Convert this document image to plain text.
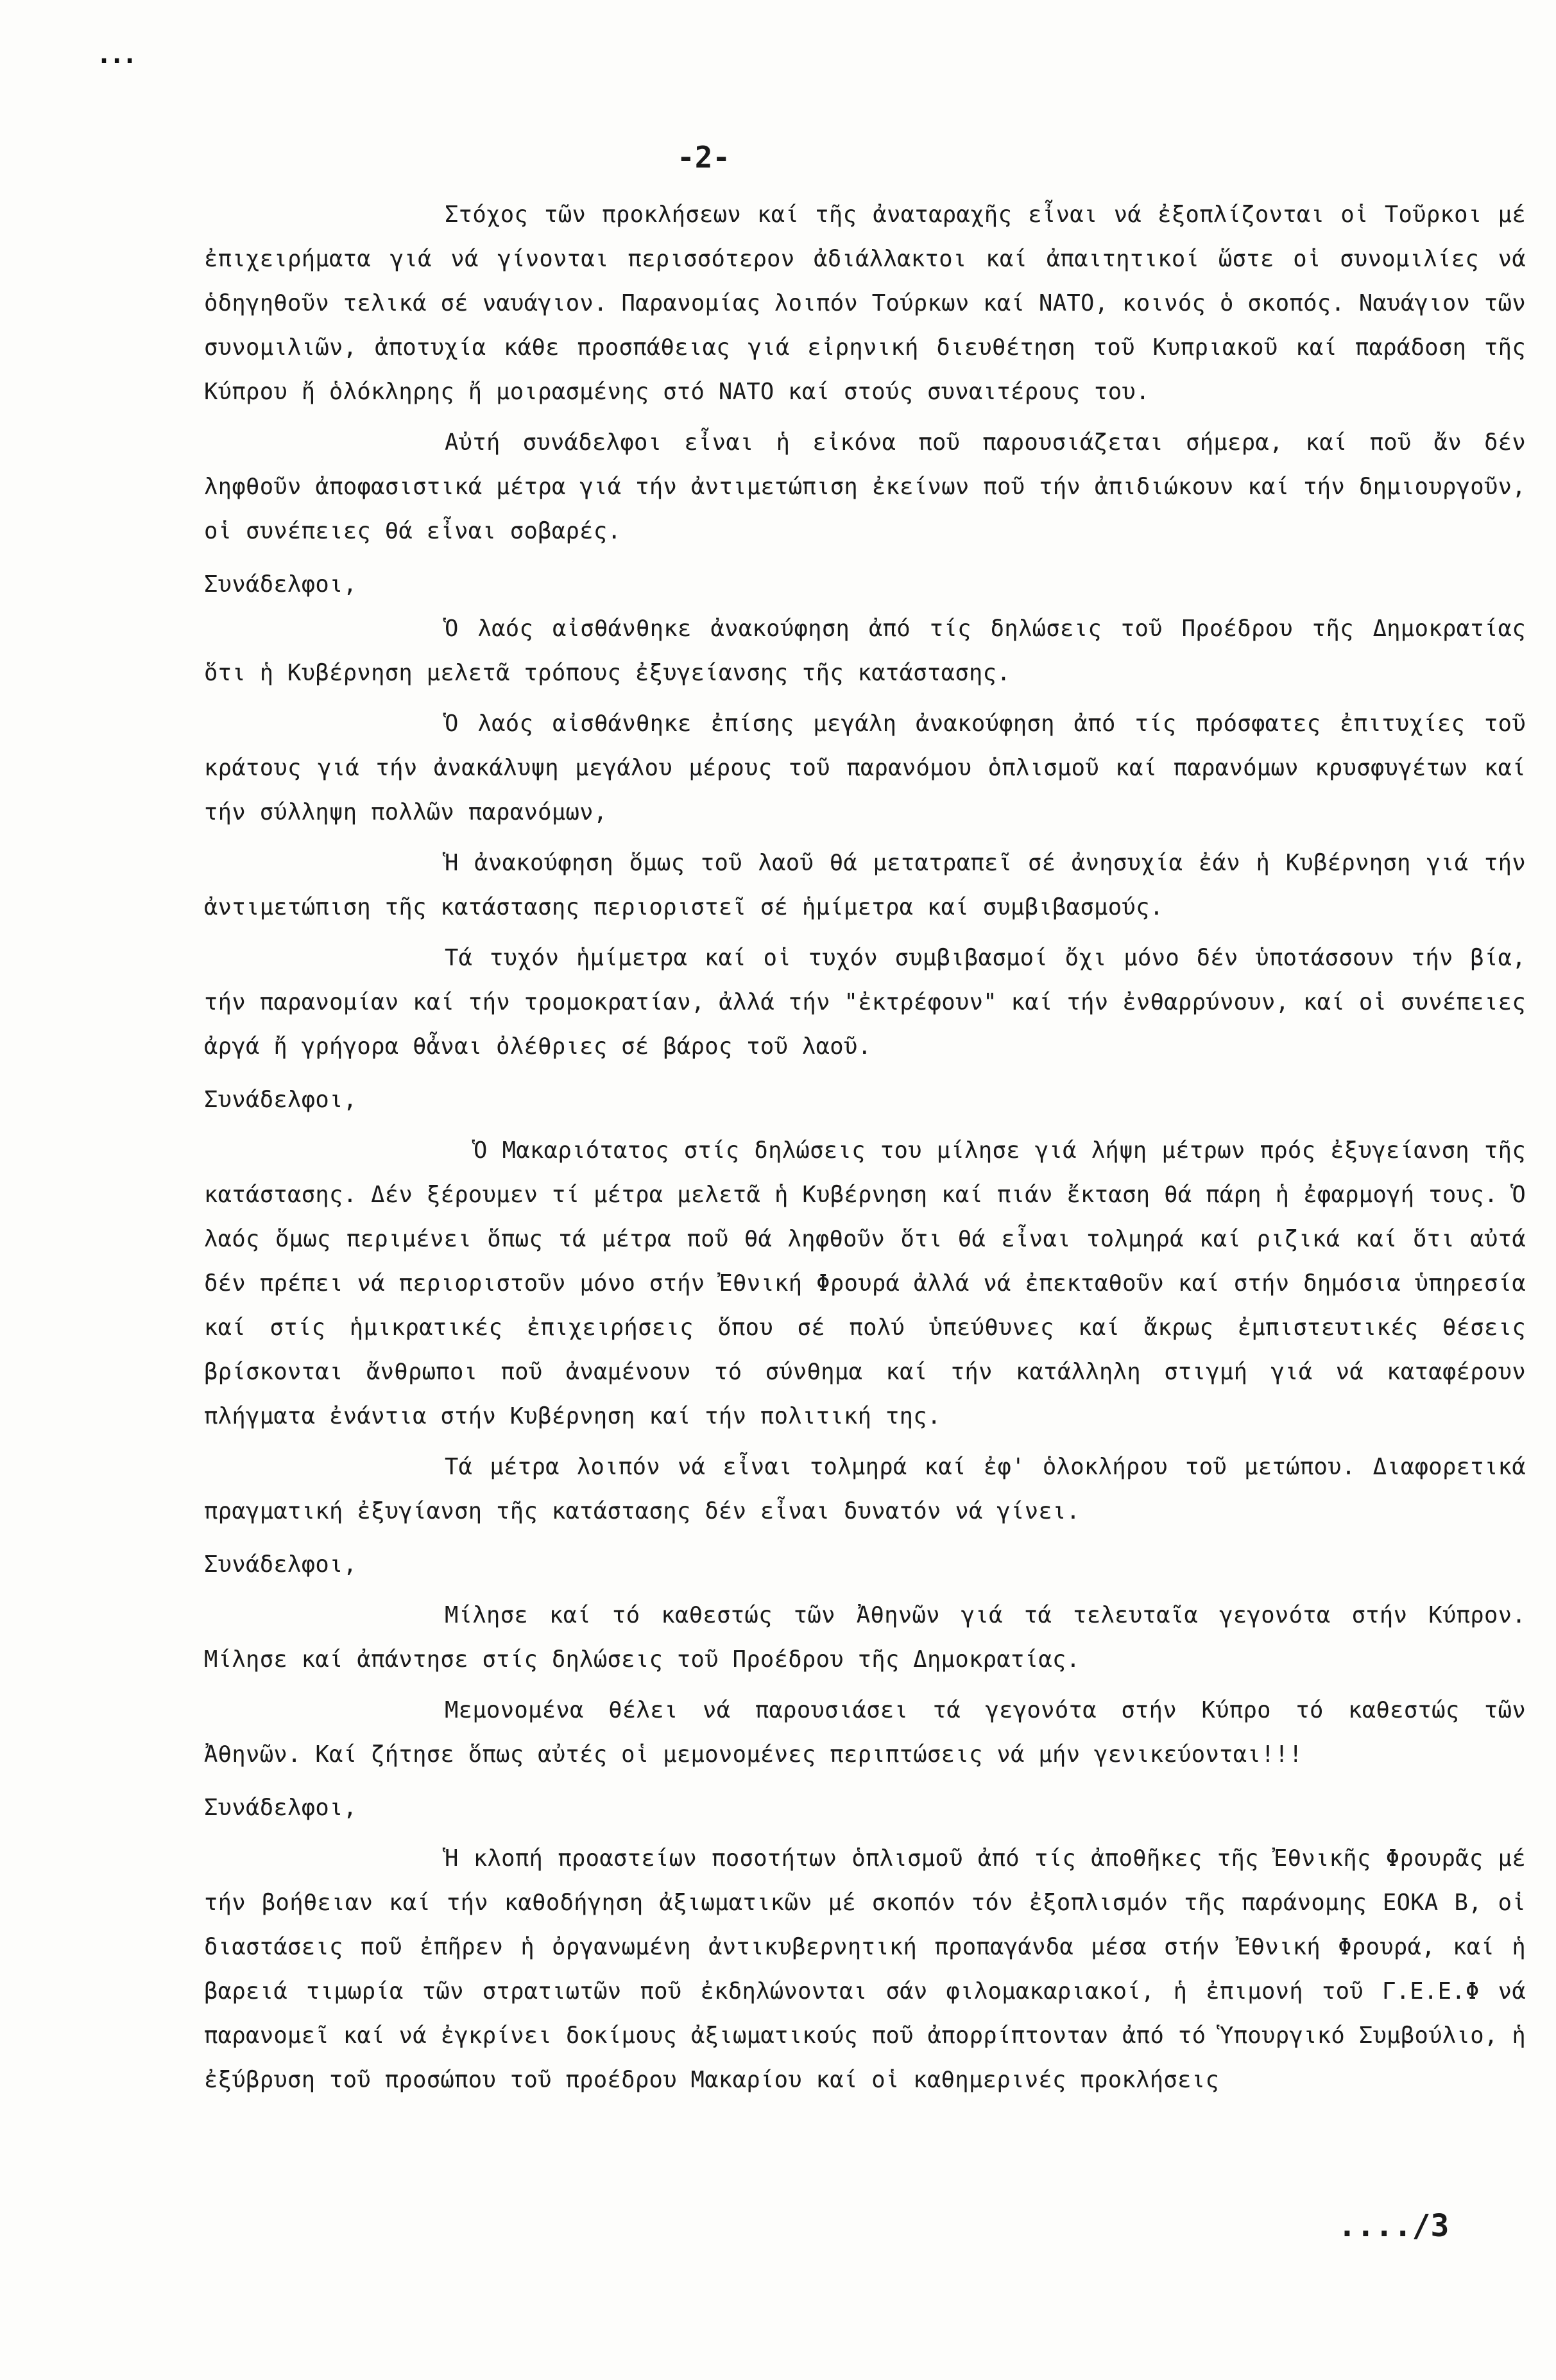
...
-2-

Στόχος τῶν προκλήσεων καί τῆς ἀναταραχῆς εἶναι νά ἐξοπλίζονται οἱ Τοῦρκοι μέ ἐπιχειρήματα γιά νά γίνονται περισσότερον ἀδιάλλακτοι καί ἀπαιτητικοί ὥστε οἱ συνομιλίες νά ὁδηγηθοῦν τελικά σέ ναυάγιον. Παρανομίας λοιπόν Τούρκων καί ΝΑΤΟ, κοινός ὁ σκοπός. Ναυάγιον τῶν συνομιλιῶν, ἀποτυχία κάθε προσπάθειας γιά εἰρηνική διευθέτηση τοῦ Κυπριακοῦ καί παράδοση τῆς Κύπρου ἤ ὁλόκληρης ἤ μοιρασμένης στό ΝΑΤΟ καί στούς συναιτέρους του.

Αὐτή συνάδελφοι εἶναι ἡ εἰκόνα ποῦ παρουσιάζεται σήμερα, καί ποῦ ἄν δέν ληφθοῦν ἀποφασιστικά μέτρα γιά τήν ἀντιμετώπιση ἐκείνων ποῦ τήν ἀπιδιώκουν καί τήν δημιουργοῦν, οἱ συνέπειες θά εἶναι σοβαρές.

Συνάδελφοι,

Ὁ λαός αἰσθάνθηκε ἀνακούφηση ἀπό τίς δηλώσεις τοῦ Προέδρου τῆς Δημοκρατίας ὅτι ἡ Κυβέρνηση μελετᾶ τρόπους ἐξυγείανσης τῆς κατάστασης.

Ὁ λαός αἰσθάνθηκε ἐπίσης μεγάλη ἀνακούφηση ἀπό τίς πρόσφατες ἐπιτυχίες τοῦ κράτους γιά τήν ἀνακάλυψη μεγάλου μέρους τοῦ παρανόμου ὁπλισμοῦ καί παρανόμων κρυσφυγέτων καί τήν σύλληψη πολλῶν παρανόμων,

Ἡ ἀνακούφηση ὅμως τοῦ λαοῦ θά μετατραπεῖ σέ ἀνησυχία ἐάν ἡ Κυβέρνηση γιά τήν ἀντιμετώπιση τῆς κατάστασης περιοριστεῖ σέ ἡμίμετρα καί συμβιβασμούς.

Τά τυχόν ἡμίμετρα καί οἱ τυχόν συμβιβασμοί ὄχι μόνο δέν ὑποτάσσουν τήν βία, τήν παρανομίαν καί τήν τρομοκρατίαν, ἀλλά τήν "ἐκτρέφουν" καί τήν ἐνθαρρύνουν, καί οἱ συνέπειες ἀργά ἤ γρήγορα θἆναι ὀλέθριες σέ βάρος τοῦ λαοῦ.

Συνάδελφοι,

Ὁ Μακαριότατος στίς δηλώσεις του μίλησε γιά λήψη μέτρων πρός ἐξυγείανση τῆς κατάστασης. Δέν ξέρουμεν τί μέτρα μελετᾶ ἡ Κυβέρνηση καί πιάν ἔκταση θά πάρη ἡ ἐφαρμογή τους. Ὁ λαός ὅμως περιμένει ὅπως τά μέτρα ποῦ θά ληφθοῦν ὅτι θά εἶναι τολμηρά καί ριζικά καί ὅτι αὐτά δέν πρέπει νά περιοριστοῦν μόνο στήν Ἐθνική Φρουρά ἀλλά νά ἐπεκταθοῦν καί στήν δημόσια ὑπηρεσία καί στίς ἡμικρατικές ἐπιχειρήσεις ὅπου σέ πολύ ὑπεύθυνες καί ἄκρως ἐμπιστευτικές θέσεις βρίσκονται ἄνθρωποι ποῦ ἀναμένουν τό σύνθημα καί τήν κατάλληλη στιγμή γιά νά καταφέρουν πλήγματα ἐνάντια στήν Κυβέρνηση καί τήν πολιτική της.

Τά μέτρα λοιπόν νά εἶναι τολμηρά καί ἐφ' ὁλοκλήρου τοῦ μετώπου. Διαφορετικά πραγματική ἐξυγίανση τῆς κατάστασης δέν εἶναι δυνατόν νά γίνει.

Συνάδελφοι,

Μίλησε καί τό καθεστώς τῶν Ἀθηνῶν γιά τά τελευταῖα γεγονότα στήν Κύπρον. Μίλησε καί ἀπάντησε στίς δηλώσεις τοῦ Προέδρου τῆς Δημοκρατίας.

Μεμονομένα θέλει νά παρουσιάσει τά γεγονότα στήν Κύπρο τό καθεστώς τῶν Ἀθηνῶν. Καί ζήτησε ὅπως αὐτές οἱ μεμονομένες περιπτώσεις νά μήν γενικεύονται!!!

Συνάδελφοι,

Ἡ κλοπή προαστείων ποσοτήτων ὁπλισμοῦ ἀπό τίς ἀποθῆκες τῆς Ἐθνικῆς Φρουρᾶς μέ τήν βοήθειαν καί τήν καθοδήγηση ἀξιωματικῶν μέ σκοπόν τόν ἐξοπλισμόν τῆς παράνομης ΕΟΚΑ Β, οἱ διαστάσεις ποῦ ἐπῆρεν ἡ ὀργανωμένη ἀντικυβερνητική προπαγάνδα μέσα στήν Ἐθνική Φρουρά, καί ἡ βαρειά τιμωρία τῶν στρατιωτῶν ποῦ ἐκδηλώνονται σάν φιλομακαριακοί, ἡ ἐπιμονή τοῦ Γ.Ε.Ε.Φ νά παρανομεῖ καί νά ἐγκρίνει δοκίμους ἀξιωματικούς ποῦ ἀπορρίπτονταν ἀπό τό Ὑπουργικό Συμβούλιο, ἡ ἐξύβρυση τοῦ προσώπου τοῦ προέδρου Μακαρίου καί οἱ καθημερινές προκλήσεις

..../3
